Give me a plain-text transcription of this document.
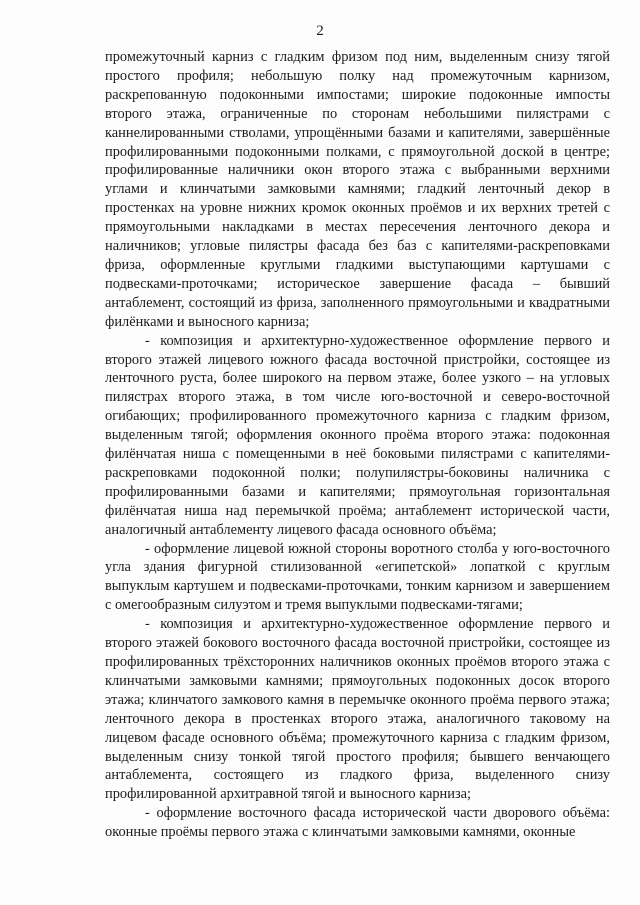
2

промежуточный карниз с гладким фризом под ним, выделенным снизу тягой простого профиля; небольшую полку над промежуточным карнизом, раскрепованную подоконными импостами; широкие подоконные импосты второго этажа, ограниченные по сторонам небольшими пилястрами с каннелированными стволами, упрощёнными базами и капителями, завершённые профилированными подоконными полками, с прямоугольной доской в центре; профилированные наличники окон второго этажа с выбранными верхними углами и клинчатыми замковыми камнями; гладкий ленточный декор в простенках на уровне нижних кромок оконных проёмов и их верхних третей с прямоугольными накладками в местах пересечения ленточного декора и наличников; угловые пилястры фасада без баз с капителями-раскреповками фриза, оформленные круглыми гладкими выступающими картушами с подвесками-проточками; историческое завершение фасада – бывший антаблемент, состоящий из фриза, заполненного прямоугольными и квадратными филёнками и выносного карниза;

- композиция и архитектурно-художественное оформление первого и второго этажей лицевого южного фасада восточной пристройки, состоящее из ленточного руста, более широкого на первом этаже, более узкого – на угловых пилястрах второго этажа, в том числе юго-восточной и северо-восточной огибающих; профилированного промежуточного карниза с гладким фризом, выделенным тягой; оформления оконного проёма второго этажа: подоконная филёнчатая ниша с помещенными в неё боковыми пилястрами с капителями-раскреповками подоконной полки; полупилястры-боковины наличника с профилированными базами и капителями; прямоугольная горизонтальная филёнчатая ниша над перемычкой проёма; антаблемент исторической части, аналогичный антаблементу лицевого фасада основного объёма;

- оформление лицевой южной стороны воротного столба у юго-восточного угла здания фигурной стилизованной «египетской» лопаткой с круглым выпуклым картушем и подвесками-проточками, тонким карнизом и завершением с омегообразным силуэтом и тремя выпуклыми подвесками-тягами;

- композиция и архитектурно-художественное оформление первого и второго этажей бокового восточного фасада восточной пристройки, состоящее из профилированных трёхсторонних наличников оконных проёмов второго этажа с клинчатыми замковыми камнями; прямоугольных подоконных досок второго этажа; клинчатого замкового камня в перемычке оконного проёма первого этажа; ленточного декора в простенках второго этажа, аналогичного таковому на лицевом фасаде основного объёма; промежуточного карниза с гладким фризом, выделенным снизу тонкой тягой простого профиля; бывшего венчающего антаблемента, состоящего из гладкого фриза, выделенного снизу профилированной архитравной тягой и выносного карниза;

- оформление восточного фасада исторической части дворового объёма: оконные проёмы первого этажа с клинчатыми замковыми камнями, оконные
